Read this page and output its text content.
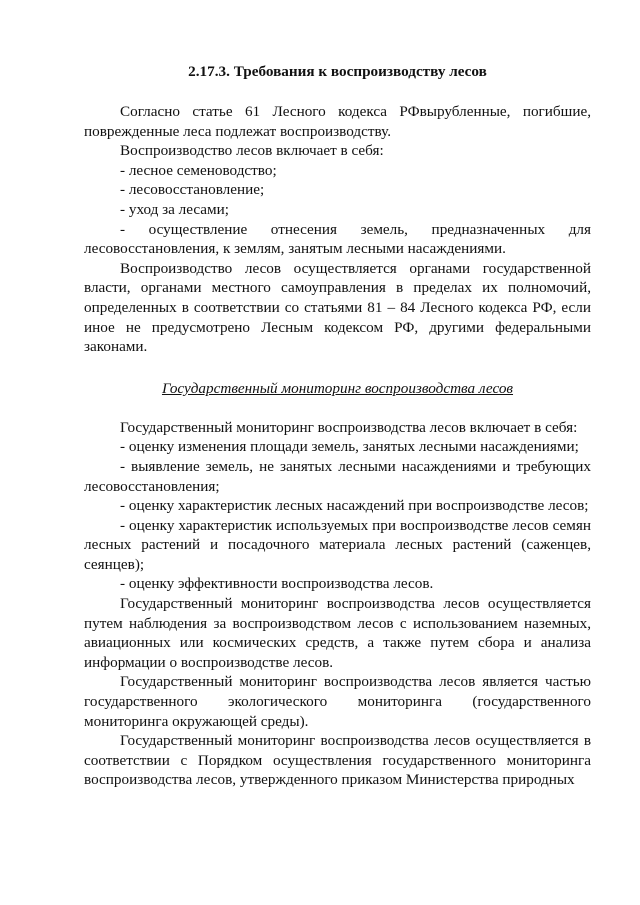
2.17.3. Требования к воспроизводству лесов

Согласно статье 61 Лесного кодекса РФвырубленные, погибшие, поврежденные леса подлежат воспроизводству.

Воспроизводство лесов включает в себя:

- лесное семеноводство;

- лесовосстановление;

- уход за лесами;

- осуществление отнесения земель, предназначенных для лесовосстановления, к землям, занятым лесными насаждениями.

Воспроизводство лесов осуществляется органами государственной власти, органами местного самоуправления в пределах их полномочий, определенных в соответствии со статьями 81 – 84 Лесного кодекса РФ, если иное не предусмотрено Лесным кодексом РФ, другими федеральными законами.

Государственный мониторинг воспроизводства лесов

Государственный мониторинг воспроизводства лесов включает в себя:

- оценку изменения площади земель, занятых лесными насаждениями;

- выявление земель, не занятых лесными насаждениями и требующих лесовосстановления;

- оценку характеристик лесных насаждений при воспроизводстве лесов;

- оценку характеристик используемых при воспроизводстве лесов семян лесных растений и посадочного материала лесных растений (саженцев, сеянцев);

- оценку эффективности воспроизводства лесов.

Государственный мониторинг воспроизводства лесов осуществляется путем наблюдения за воспроизводством лесов с использованием наземных, авиационных или космических средств, а также путем сбора и анализа информации о воспроизводстве лесов.

Государственный мониторинг воспроизводства лесов является частью государственного экологического мониторинга (государственного мониторинга окружающей среды).

Государственный мониторинг воспроизводства лесов осуществляется в соответствии с Порядком осуществления государственного мониторинга воспроизводства лесов, утвержденного приказом Министерства природных
